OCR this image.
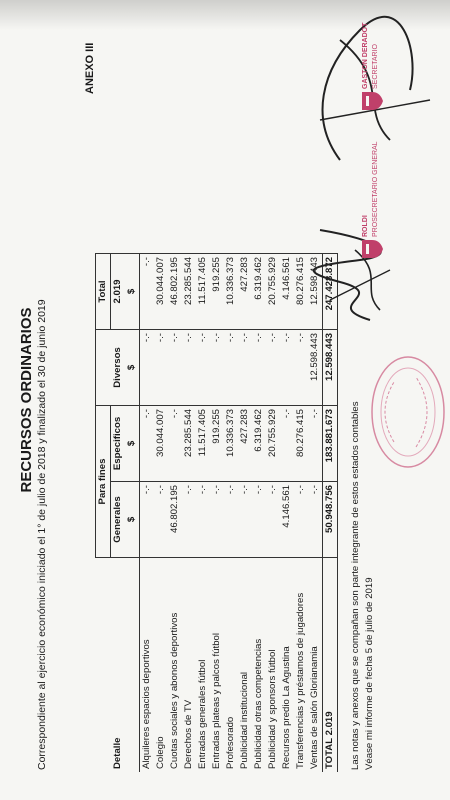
RECURSOS ORDINARIOS Correspondiente al ejercicio económico iniciado el 1° de julio de 2018 y finalizado el 30 de junio 2019
ANEXO III
	Para fines			Total
Detalle	Generales	Especificos	Diversos	2.019
	$	$	$	$
Alquileres espacios deportivos	-.-	-.-	-.-	-.-
Colegio	-.-	30.044.007	-.-	30.044.007
Cuotas sociales y abonos deportivos	46.802.195	-.-	-.-	46.802.195
Derechos de TV	-.-	23.285.544	-.-	23.285.544
Entradas generales fútbol	-.-	11.517.405	-.-	11.517.405
Entradas plateas y palcos fútbol	-.-	919.255	-.-	919.255
Profesorado	-.-	10.336.373	-.-	10.336.373
Publicidad institucional	-.-	427.283	-.-	427.283
Publicidad otras competencias	-.-	6.319.462	-.-	6.319.462
Publicidad y sponsors fútbol	-.-	20.755.929	-.-	20.755.929
Recursos predio La Agustina	4.146.561	-.-	-.-	4.146.561
Transferencias y préstamos de jugadores	-.-	80.276.415	-.-	80.276.415
Ventas de salón Glorianamia	-.-	-.-	12.598.443	12.598.443
TOTAL 2.019	50.948.756	183.881.673	12.598.443	247.428.872
Las notas y anexos que se compañan son parte integrante de estos estados contables Véase mi informe de fecha 5 de julio de 2019
ROLDI PROSECRETARIO GENERAL
GASTON DERADOT SECRETARIO
